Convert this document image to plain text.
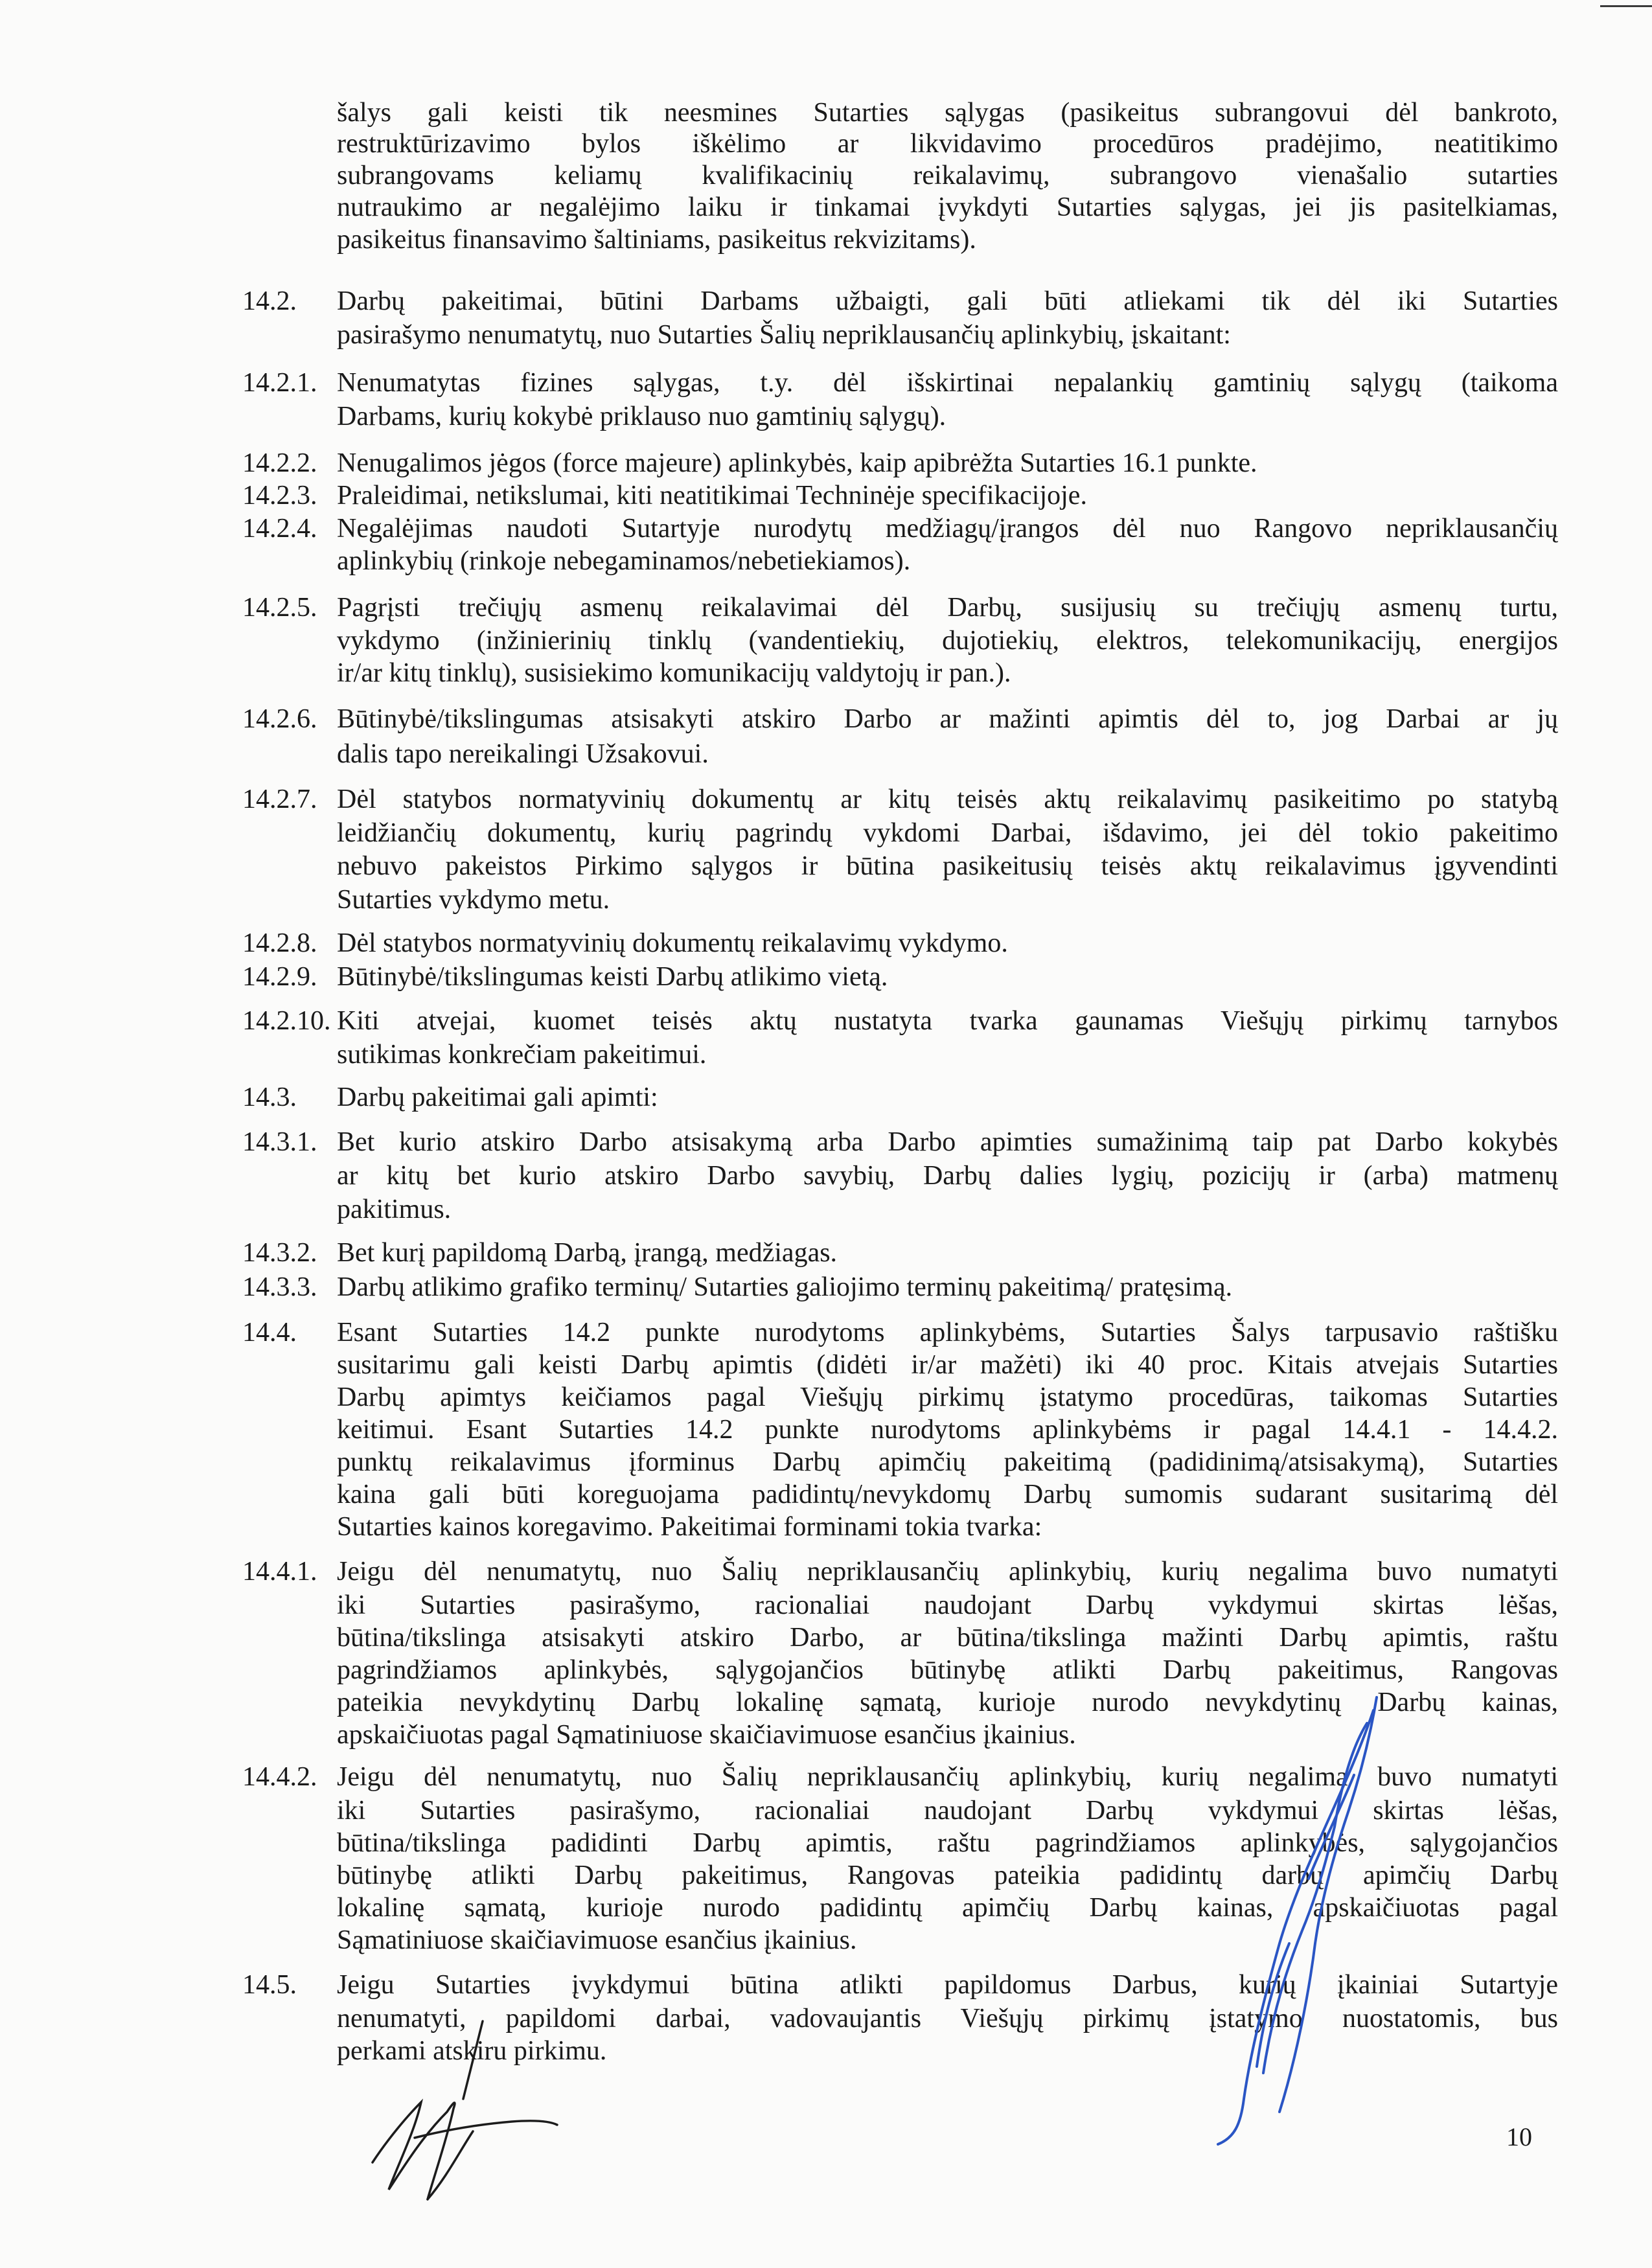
šalys gali keisti tik neesmines Sutarties sąlygas (pasikeitus subrangovui dėl bankroto,
restruktūrizavimo bylos iškėlimo ar likvidavimo procedūros pradėjimo, neatitikimo
subrangovams keliamų kvalifikacinių reikalavimų, subrangovo vienašalio sutarties
nutraukimo ar negalėjimo laiku ir tinkamai įvykdyti Sutarties sąlygas, jei jis pasitelkiamas,
pasikeitus finansavimo šaltiniams, pasikeitus rekvizitams).
Darbų pakeitimai, būtini Darbams užbaigti, gali būti atliekami tik dėl iki Sutarties
pasirašymo nenumatytų, nuo Sutarties Šalių nepriklausančių aplinkybių, įskaitant:
Nenumatytas fizines sąlygas, t.y. dėl išskirtinai nepalankių gamtinių sąlygų (taikoma
Darbams, kurių kokybė priklauso nuo gamtinių sąlygų).
Nenugalimos jėgos (force majeure) aplinkybės, kaip apibrėžta Sutarties 16.1 punkte.
Praleidimai, netikslumai, kiti neatitikimai Techninėje specifikacijoje.
Negalėjimas naudoti Sutartyje nurodytų medžiagų/įrangos dėl nuo Rangovo nepriklausančių
aplinkybių (rinkoje nebegaminamos/nebetiekiamos).
Pagrįsti trečiųjų asmenų reikalavimai dėl Darbų, susijusių su trečiųjų asmenų turtu,
vykdymo (inžinierinių tinklų (vandentiekių, dujotiekių, elektros, telekomunikacijų, energijos
ir/ar kitų tinklų), susisiekimo komunikacijų valdytojų ir pan.).
Būtinybė/tikslingumas atsisakyti atskiro Darbo ar mažinti apimtis dėl to, jog Darbai ar jų
dalis tapo nereikalingi Užsakovui.
Dėl statybos normatyvinių dokumentų ar kitų teisės aktų reikalavimų pasikeitimo po statybą
leidžiančių dokumentų, kurių pagrindų vykdomi Darbai, išdavimo, jei dėl tokio pakeitimo
nebuvo pakeistos Pirkimo sąlygos ir būtina pasikeitusių teisės aktų reikalavimus įgyvendinti
Sutarties vykdymo metu.
Dėl statybos normatyvinių dokumentų reikalavimų vykdymo.
Būtinybė/tikslingumas keisti Darbų atlikimo vietą.
Kiti atvejai, kuomet teisės aktų nustatyta tvarka gaunamas Viešųjų pirkimų tarnybos
sutikimas konkrečiam pakeitimui.
Darbų pakeitimai gali apimti:
Bet kurio atskiro Darbo atsisakymą arba Darbo apimties sumažinimą taip pat Darbo kokybės
ar kitų bet kurio atskiro Darbo savybių, Darbų dalies lygių, pozicijų ir (arba) matmenų
pakitimus.
Bet kurį papildomą Darbą, įrangą, medžiagas.
Darbų atlikimo grafiko terminų/ Sutarties galiojimo terminų pakeitimą/ pratęsimą.
Esant Sutarties 14.2 punkte nurodytoms aplinkybėms, Sutarties Šalys tarpusavio raštišku
susitarimu gali keisti Darbų apimtis (didėti ir/ar mažėti) iki 40 proc. Kitais atvejais Sutarties
Darbų apimtys keičiamos pagal Viešųjų pirkimų įstatymo procedūras, taikomas Sutarties
keitimui. Esant Sutarties 14.2 punkte nurodytoms aplinkybėms ir pagal 14.4.1 - 14.4.2.
punktų reikalavimus įforminus Darbų apimčių pakeitimą (padidinimą/atsisakymą), Sutarties
kaina gali būti koreguojama padidintų/nevykdomų Darbų sumomis sudarant susitarimą dėl
Sutarties kainos koregavimo. Pakeitimai forminami tokia tvarka:
Jeigu dėl nenumatytų, nuo Šalių nepriklausančių aplinkybių, kurių negalima buvo numatyti
iki Sutarties pasirašymo, racionaliai naudojant Darbų vykdymui skirtas lėšas,
būtina/tikslinga atsisakyti atskiro Darbo, ar būtina/tikslinga mažinti Darbų apimtis, raštu
pagrindžiamos aplinkybės, sąlygojančios būtinybę atlikti Darbų pakeitimus, Rangovas
pateikia nevykdytinų Darbų lokalinę sąmatą, kurioje nurodo nevykdytinų Darbų kainas,
apskaičiuotas pagal Sąmatiniuose skaičiavimuose esančius įkainius.
Jeigu dėl nenumatytų, nuo Šalių nepriklausančių aplinkybių, kurių negalima buvo numatyti
iki Sutarties pasirašymo, racionaliai naudojant Darbų vykdymui skirtas lėšas,
būtina/tikslinga padidinti Darbų apimtis, raštu pagrindžiamos aplinkybės, sąlygojančios
būtinybę atlikti Darbų pakeitimus, Rangovas pateikia padidintų darbų apimčių Darbų
lokalinę sąmatą, kurioje nurodo padidintų apimčių Darbų kainas, apskaičiuotas pagal
Sąmatiniuose skaičiavimuose esančius įkainius.
Jeigu Sutarties įvykdymui būtina atlikti papildomus Darbus, kurių įkainiai Sutartyje
nenumatyti, papildomi darbai, vadovaujantis Viešųjų pirkimų įstatymo nuostatomis, bus
perkami atskiru pirkimu.
10
14.2.
14.2.1.
14.2.2.
14.2.3.
14.2.4.
14.2.5.
14.2.6.
14.2.7.
14.2.8.
14.2.9.
14.2.10.
14.3.
14.3.1.
14.3.2.
14.3.3.
14.4.
14.4.1.
14.4.2.
14.5.
